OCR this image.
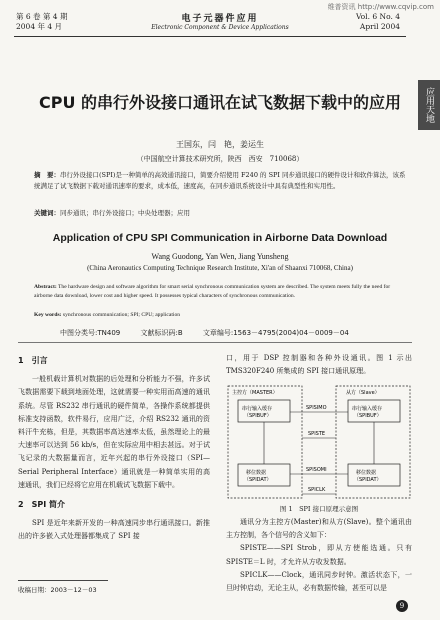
维普资讯 http://www.cqvip.com
第 6 卷 第 4 期
2004 年 4 月
电子元器件应用
Electronic Component & Device Applications
Vol. 6 No. 4
April 2004
应用天地
CPU 的串行外设接口通讯在试飞数据下载中的应用
王国东，闫　艳，姜运生
（中国航空计算技术研究所，陕西　西安　710068）
摘　要：串行外设接口(SPI)是一种简单的高效通讯接口，简要介绍使用 F240 的 SPI 同步通讯接口的硬件设计和软件算法，该系统满足了试飞数据下载对通讯速率的要求，成本低，速度高，在同步通讯系统设计中具有典型性和实用性。
关键词：同步通讯；串行外设接口；中央处理器；应用
Application of CPU SPI Communication in Airborne Data Download
Wang Guodong, Yan Wen, Jiang Yunsheng
(China Aeronautics Computing Technique Research Institute, Xi'an of Shaanxi 710068, China)
Abstract: The hardware design and software algorithm for smart serial synchronous communication system are described. The system meets fully the need for airborne data download, lower cost and higher speed. It possesses typical characters of synchronous communication.
Key words: synchronous communication; SPI; CPU; application
中图分类号:TN409	文献标识码:B	文章编号:1563－4795(2004)04－0009－04
1　引言

一般机载计算机对数据的后处理和分析能力不强，许多试飞数据需要下载到地面处理，这就需要一种实用而高速的通讯系统。尽管 RS232 串行通讯的硬件简单，各操作系统都提供标准支持函数，软件易行，应用广泛，介绍 RS232 通讯的资料汗牛充栋，但是，其数据率高达速率太低，虽然理论上的最大速率可以达到 56 kb/s，但在实际应用中相去甚远。对于试飞记录的大数据量而言，近年兴起的串行外设接口（SPI—Serial Peripheral Interface）通讯就是一种简单实用的高速通讯，我们已经将它应用在机载试飞数据下载中。

2　SPI 简介

SPI 是近年来新开发的一种高速同步串行通讯接口。新推出的许多嵌入式处理器都集成了 SPI 接

口，用于 DSP 控制器和各种外设通讯。图 1 示出 TMS320F240 所集成的 SPI 接口通讯原理。

主控方（MASTER）	从方（Slave）
串行输入缓存（SPIBUF）
串行输入缓存（SPIBUF）
移位数据（SPIDAT）
移位数据（SPIDAT）
SPISIMO
SPISTE
SPISOMI
SPICLK
图 1　SPI 接口原理示意图

通讯分为主控方(Master)和从方(Slave)。整个通讯由主方控制，各个信号的含义如下：

SPISTE——SPI Strob，即从方使能选通。只有 SPISTE＝L 时，才允许从方收发数据。

SPICLK——Clock，通讯同步时钟。激活状态下，一旦时钟启动，无论主从，必有数据传输，甚至可以是

收稿日期：2003－12－03
9
